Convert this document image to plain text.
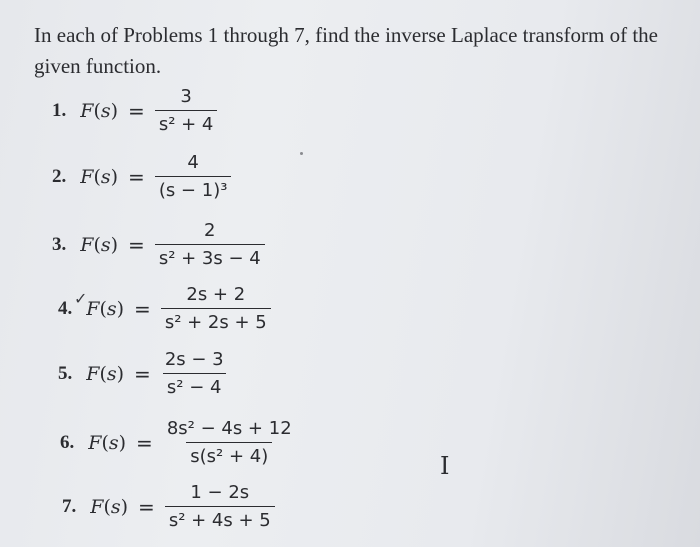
In each of Problems 1 through 7, find the inverse Laplace transform of the given function.

1. $F(s) = \frac{3}{\text{s² + 4}}$
2. $F(s) = \frac{4}{\text{(s − 1)³}}$
3. $F(s) = \frac{2}{\text{s² + 3s − 4}}$
4. $F(s) = \frac{2s + 2}{\text{s² + 2s + 5}}$
✓
5. $F(s) = \frac{2s - 3}{\text{s² − 4}}$
6. $F(s) = \frac{\text{8s² − 4s + 12}}{\text{s(s² + 4)}}$
7. $F(s) = \frac{1 - 2s}{\text{s² + 4s + 5}}$
I
